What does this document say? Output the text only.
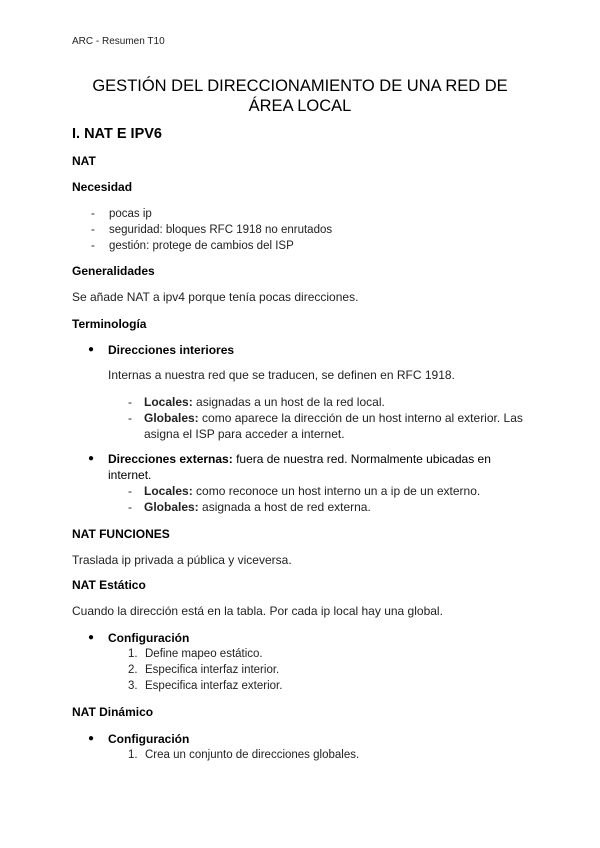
ARC - Resumen T10
GESTIÓN DEL DIRECCIONAMIENTO DE UNA RED DE
ÁREA LOCAL
I. NAT E IPV6
NAT
Necesidad
- pocas ip
- seguridad: bloques RFC 1918 no enrutados
- gestión: protege de cambios del ISP
Generalidades
Se añade NAT a ipv4 porque tenía pocas direcciones.
Terminología
●	Direcciones interiores
Internas a nuestra red que se traducen, se definen en RFC 1918.
- Locales: asignadas a un host de la red local.
- Globales: como aparece la dirección de un host interno al exterior. Las asigna el ISP para acceder a internet.
●	Direcciones externas: fuera de nuestra red. Normalmente ubicadas en internet.
- Locales: como reconoce un host interno un a ip de un externo.
- Globales: asignada a host de red externa.
NAT FUNCIONES
Traslada ip privada a pública y viceversa.
NAT Estático
Cuando la dirección está en la tabla. Por cada ip local hay una global.
●	Configuración
1. Define mapeo estático.
2. Especifica interfaz interior.
3. Especifica interfaz exterior.
NAT Dinámico
●	Configuración
1. Crea un conjunto de direcciones globales.
